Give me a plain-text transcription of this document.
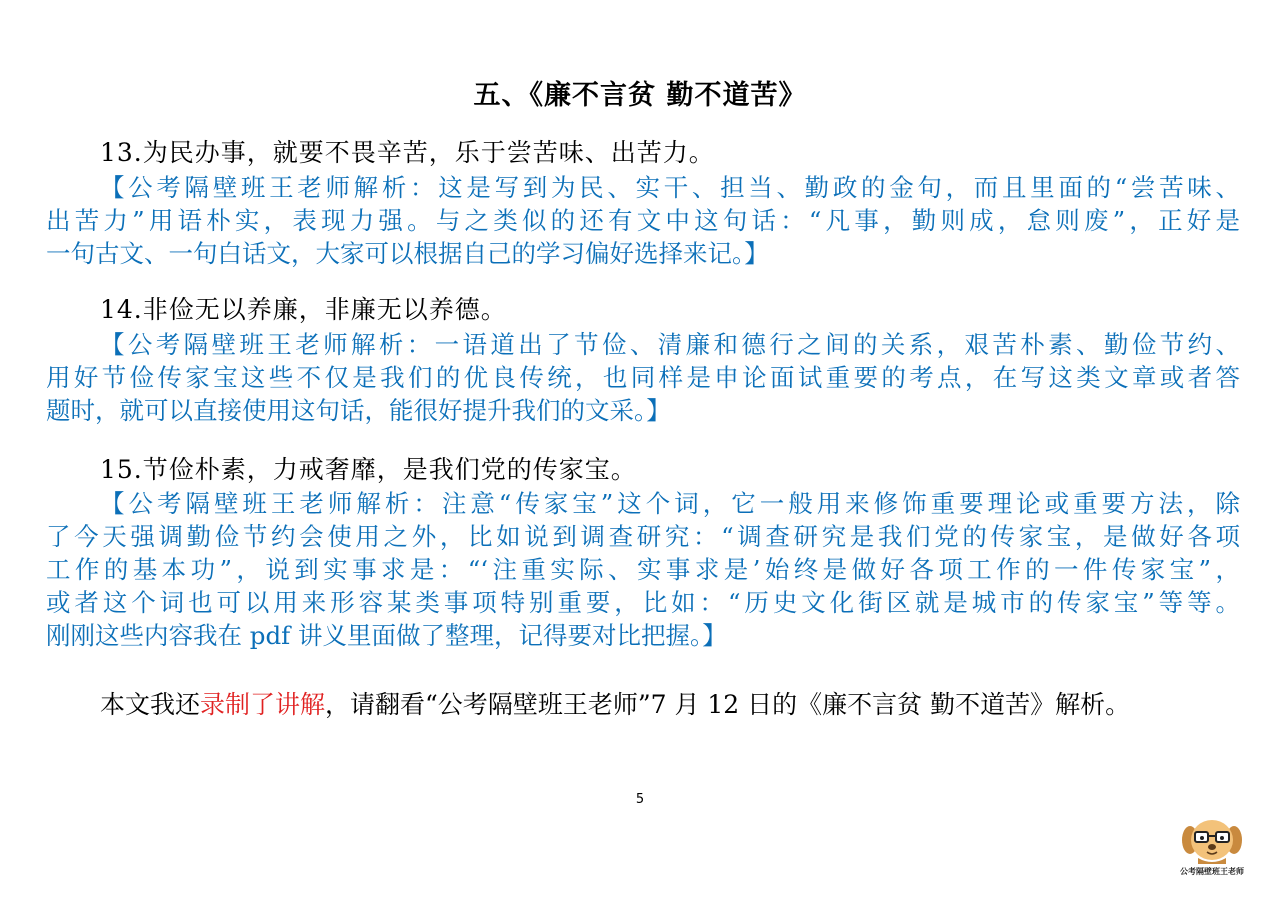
五、《廉不言贫 勤不道苦》
13.为民办事，就要不畏辛苦，乐于尝苦味、出苦力。
【公考隔壁班王老师解析：这是写到为民、实干、担当、勤政的金句，而且里面的“尝苦味、
出苦力”用语朴实，表现力强。与之类似的还有文中这句话：“凡事，勤则成，怠则废”，正好是
一句古文、一句白话文，大家可以根据自己的学习偏好选择来记。】
14.非俭无以养廉，非廉无以养德。
【公考隔壁班王老师解析：一语道出了节俭、清廉和德行之间的关系，艰苦朴素、勤俭节约、
用好节俭传家宝这些不仅是我们的优良传统，也同样是申论面试重要的考点，在写这类文章或者答
题时，就可以直接使用这句话，能很好提升我们的文采。】
15.节俭朴素，力戒奢靡，是我们党的传家宝。
【公考隔壁班王老师解析：注意“传家宝”这个词，它一般用来修饰重要理论或重要方法，除
了今天强调勤俭节约会使用之外，比如说到调查研究：“调查研究是我们党的传家宝，是做好各项
工作的基本功”，说到实事求是：“‘注重实际、实事求是’始终是做好各项工作的一件传家宝”，
或者这个词也可以用来形容某类事项特别重要，比如：“历史文化街区就是城市的传家宝”等等。
刚刚这些内容我在 pdf 讲义里面做了整理，记得要对比把握。】
本文我还录制了讲解，请翻看“公考隔壁班王老师”7 月 12 日的《廉不言贫 勤不道苦》解析。
5
公考隔壁班王老师
